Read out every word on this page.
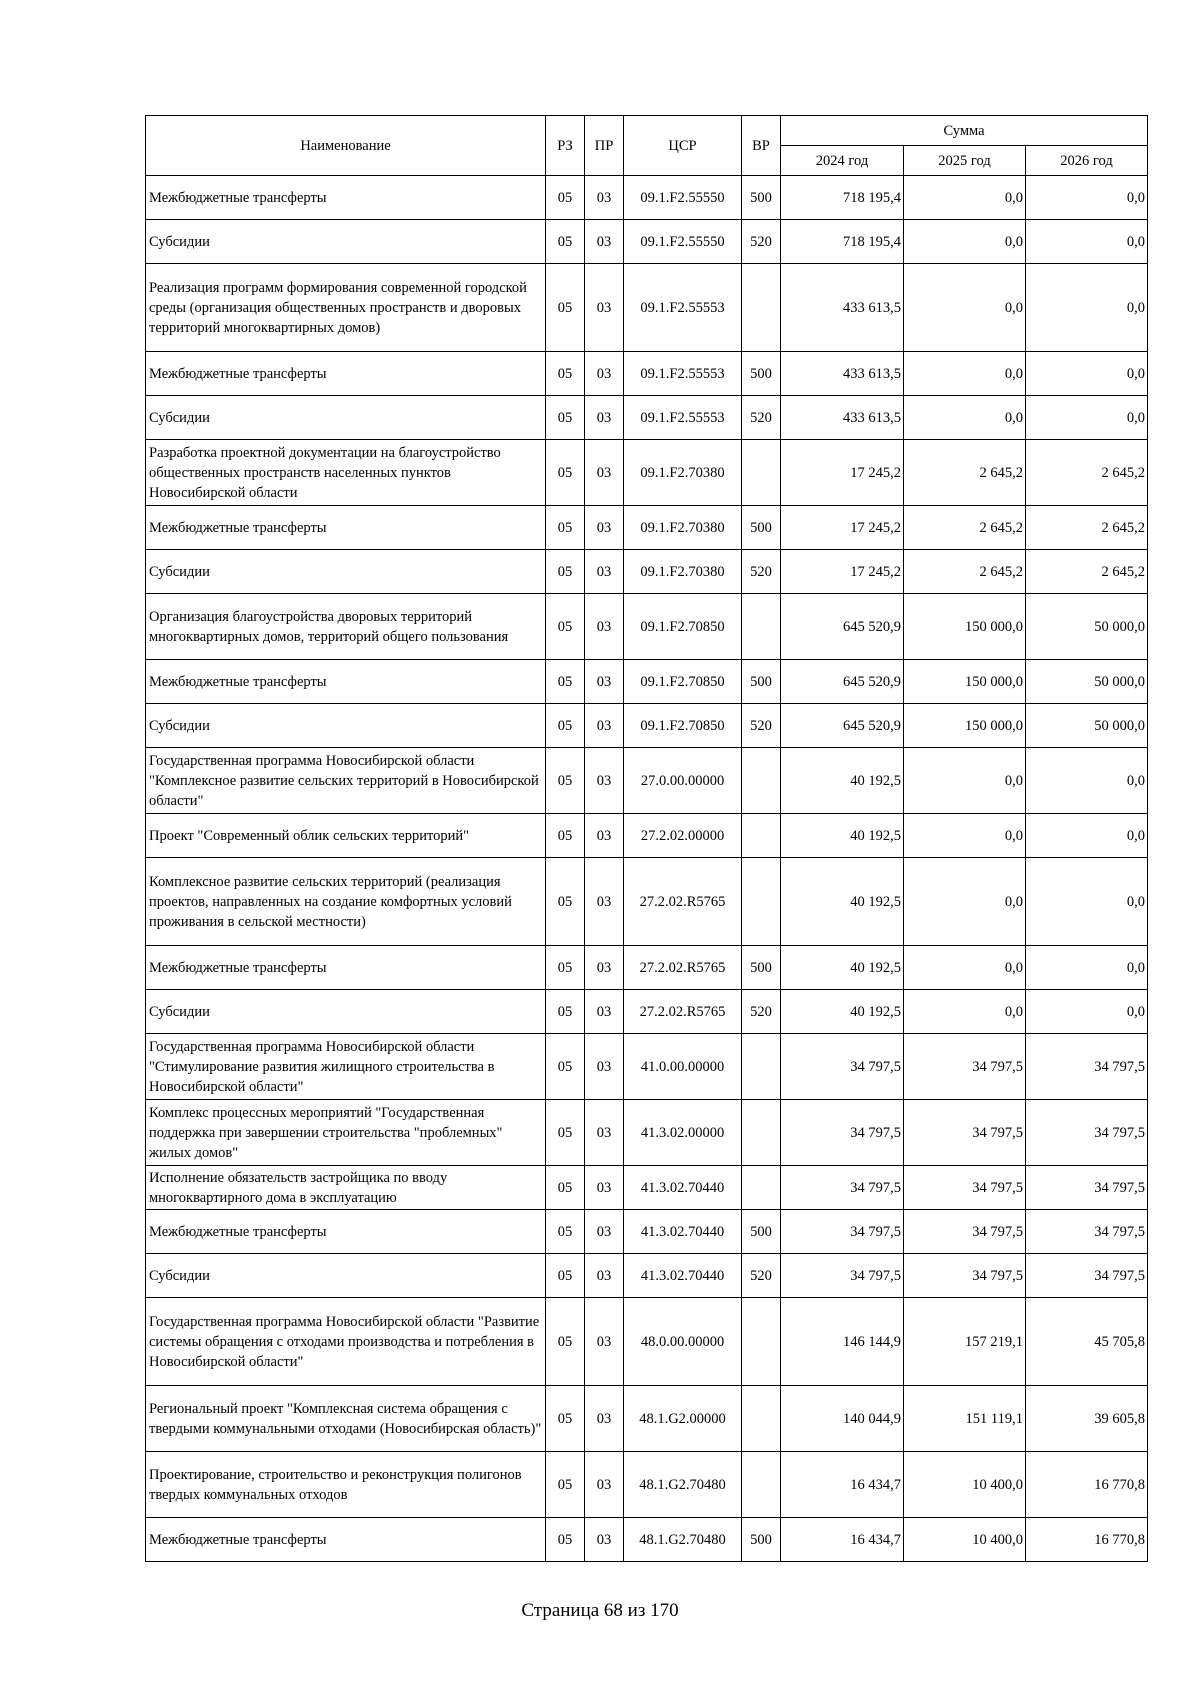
Наименование	РЗ	ПР	ЦСР	ВР	Сумма		
					2024 год	2025 год	2026 год
Межбюджетные трансферты	05	03	09.1.F2.55550	500	718 195,4	0,0	0,0
Субсидии	05	03	09.1.F2.55550	520	718 195,4	0,0	0,0
Реализация программ формирования современной городской среды (организация общественных пространств и дворовых территорий многоквартирных домов)	05	03	09.1.F2.55553		433 613,5	0,0	0,0
Межбюджетные трансферты	05	03	09.1.F2.55553	500	433 613,5	0,0	0,0
Субсидии	05	03	09.1.F2.55553	520	433 613,5	0,0	0,0
Разработка проектной документации на благоустройство общественных пространств населенных пунктов Новосибирской области	05	03	09.1.F2.70380		17 245,2	2 645,2	2 645,2
Межбюджетные трансферты	05	03	09.1.F2.70380	500	17 245,2	2 645,2	2 645,2
Субсидии	05	03	09.1.F2.70380	520	17 245,2	2 645,2	2 645,2
Организация благоустройства дворовых территорий многоквартирных домов, территорий общего пользования	05	03	09.1.F2.70850		645 520,9	150 000,0	50 000,0
Межбюджетные трансферты	05	03	09.1.F2.70850	500	645 520,9	150 000,0	50 000,0
Субсидии	05	03	09.1.F2.70850	520	645 520,9	150 000,0	50 000,0
Государственная программа Новосибирской области "Комплексное развитие сельских территорий в Новосибирской области"	05	03	27.0.00.00000		40 192,5	0,0	0,0
Проект "Современный облик сельских территорий"	05	03	27.2.02.00000		40 192,5	0,0	0,0
Комплексное развитие сельских территорий (реализация проектов, направленных на создание комфортных условий проживания в сельской местности)	05	03	27.2.02.R5765		40 192,5	0,0	0,0
Межбюджетные трансферты	05	03	27.2.02.R5765	500	40 192,5	0,0	0,0
Субсидии	05	03	27.2.02.R5765	520	40 192,5	0,0	0,0
Государственная программа Новосибирской области "Стимулирование развития жилищного строительства в Новосибирской области"	05	03	41.0.00.00000		34 797,5	34 797,5	34 797,5
Комплекс процессных мероприятий "Государственная поддержка при завершении строительства "проблемных" жилых домов"	05	03	41.3.02.00000		34 797,5	34 797,5	34 797,5
Исполнение обязательств застройщика по вводу многоквартирного дома в эксплуатацию	05	03	41.3.02.70440		34 797,5	34 797,5	34 797,5
Межбюджетные трансферты	05	03	41.3.02.70440	500	34 797,5	34 797,5	34 797,5
Субсидии	05	03	41.3.02.70440	520	34 797,5	34 797,5	34 797,5
Государственная программа Новосибирской области "Развитие системы обращения с отходами производства и потребления в Новосибирской области"	05	03	48.0.00.00000		146 144,9	157 219,1	45 705,8
Региональный проект "Комплексная система обращения с твердыми коммунальными отходами (Новосибирская область)"	05	03	48.1.G2.00000		140 044,9	151 119,1	39 605,8
Проектирование, строительство и реконструкция полигонов твердых коммунальных отходов	05	03	48.1.G2.70480		16 434,7	10 400,0	16 770,8
Межбюджетные трансферты	05	03	48.1.G2.70480	500	16 434,7	10 400,0	16 770,8
Страница 68 из 170
